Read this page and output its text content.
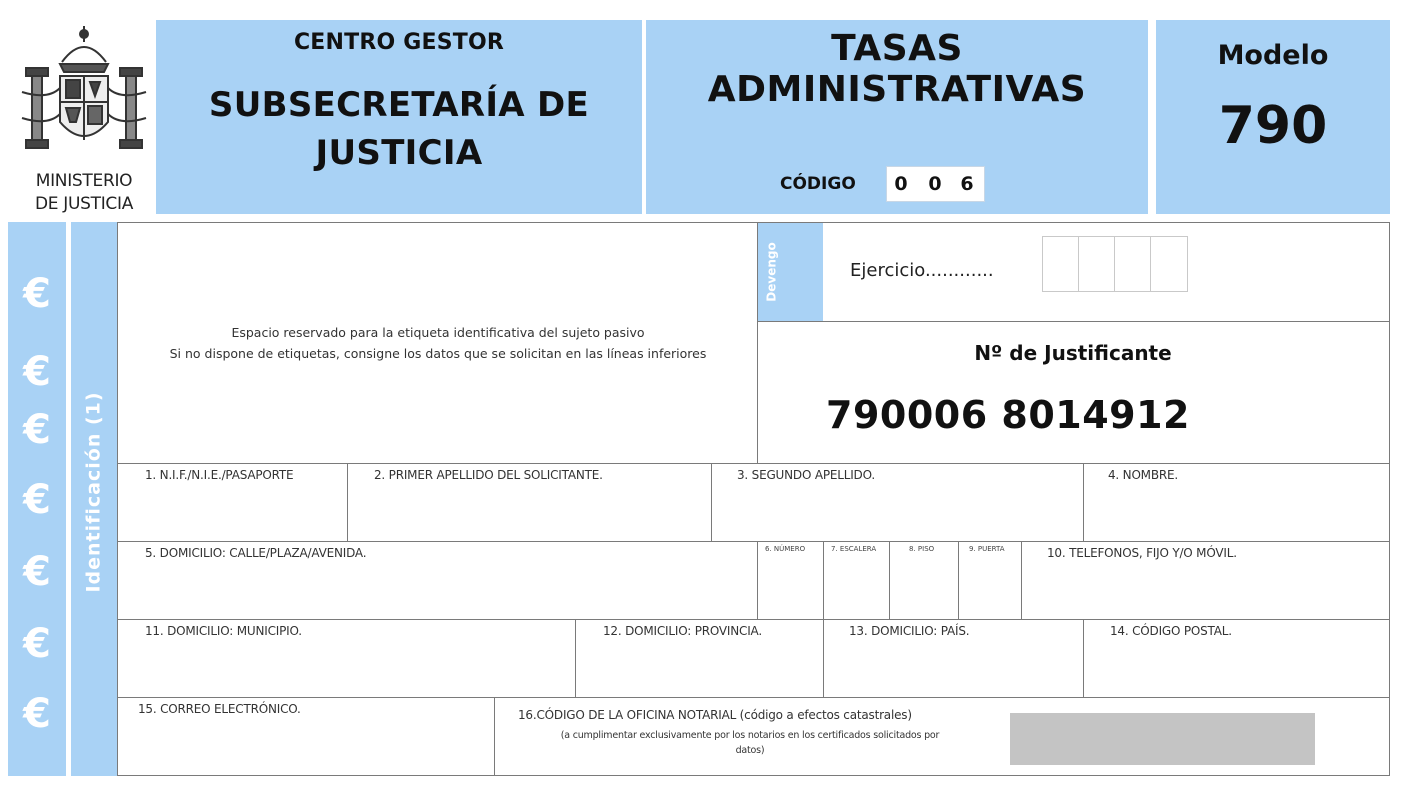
MINISTERIO
DE JUSTICIA
CENTRO GESTOR
SUBSECRETARÍA DE
JUSTICIA
TASAS
ADMINISTRATIVAS
CÓDIGO 0 0 6
Modelo
790
€
€
€
€
€
€
€
Identificación (1)
Espacio reservado para la etiqueta identificativa del sujeto pasivo
Si no dispone de etiquetas, consigne los datos que se solicitan en las líneas inferiores
Devengo	Ejercicio............
Nº de Justificante
790006 8014912
1. N.I.F./N.I.E./PASAPORTE	2. PRIMER APELLIDO DEL SOLICITANTE.	3. SEGUNDO APELLIDO.	4. NOMBRE.
5. DOMICILIO: CALLE/PLAZA/AVENIDA.	6. NÚMERO	7. ESCALERA	8. PISO	9. PUERTA	10. TELEFONOS, FIJO Y/O MÓVIL.
11. DOMICILIO: MUNICIPIO.	12. DOMICILIO: PROVINCIA.	13. DOMICILIO: PAÍS.	14. CÓDIGO POSTAL.
15. CORREO ELECTRÓNICO.	16.CÓDIGO DE LA OFICINA NOTARIAL (código a efectos catastrales)
(a cumplimentar exclusivamente por los notarios en los certificados solicitados por
datos)
